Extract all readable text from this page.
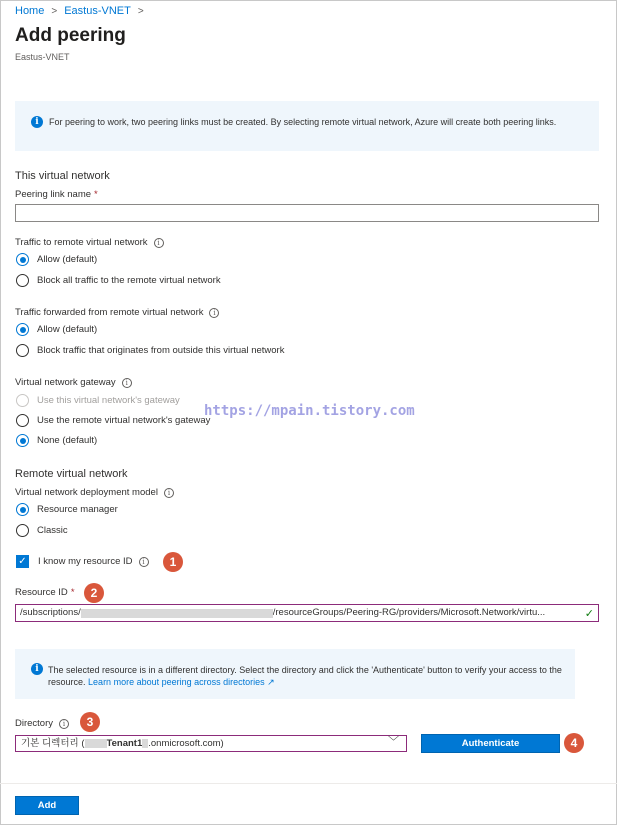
Home > Eastus-VNET >
Add peering
Eastus-VNET
i	For peering to work, two peering links must be created. By selecting remote virtual network, Azure will create both peering links.
This virtual network
Peering link name *
Traffic to remote virtual network	i
Allow (default)
Block all traffic to the remote virtual network
Traffic forwarded from remote virtual network	i
Allow (default)
Block traffic that originates from outside this virtual network
Virtual network gateway	i
Use this virtual network's gateway
Use the remote virtual network's gateway
None (default)
https://mpain.tistory.com
Remote virtual network
Virtual network deployment model	i
Resource manager
Classic
✓ I know my resource ID	i	1
Resource ID *	2
/subscriptions/	/resourceGroups/Peering-RG/providers/Microsoft.Network/virtu...	✓
i	The selected resource is in a different directory. Select the directory and click the 'Authenticate' button to verify your access to the resource. Learn more about peering across directories ↗
Directory	i	3
기본 디렉터리 ( Tenant1 .onmicrosoft.com)	﹀	Authenticate	4
Add
